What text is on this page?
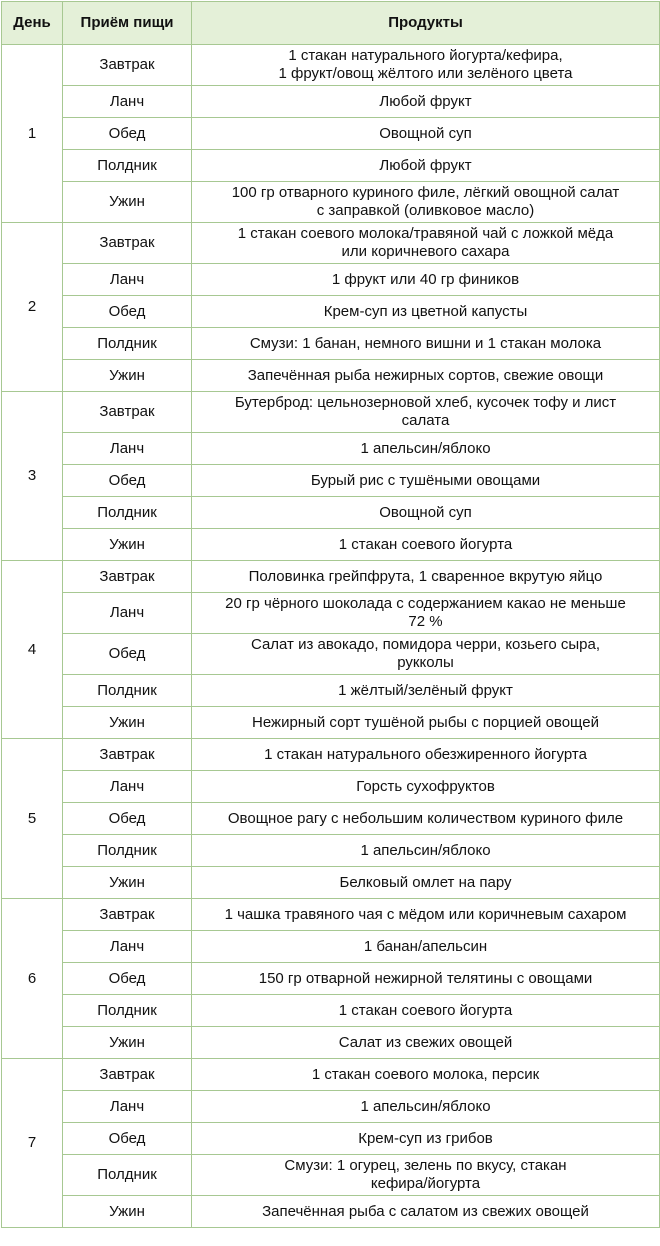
День	Приём пищи	Продукты
1	Завтрак	1 стакан натурального йогурта/кефира,
1 фрукт/овощ жёлтого или зелёного цвета

	Ланч	Любой фрукт

	Обед	Овощной суп

	Полдник	Любой фрукт

	Ужин	100 гр отварного куриного филе, лёгкий овощной салат
с заправкой (оливковое масло)

2	Завтрак	1 стакан соевого молока/травяной чай с ложкой мёда
или коричневого сахара

	Ланч	1 фрукт или 40 гр фиников

	Обед	Крем-суп из цветной капусты

	Полдник	Смузи: 1 банан, немного вишни и 1 стакан молока

	Ужин	Запечённая рыба нежирных сортов, свежие овощи

3	Завтрак	Бутерброд: цельнозерновой хлеб, кусочек тофу и лист
салата

	Ланч	1 апельсин/яблоко

	Обед	Бурый рис с тушёными овощами

	Полдник	Овощной суп

	Ужин	1 стакан соевого йогурта

4	Завтрак	Половинка грейпфрута, 1 сваренное вкрутую яйцо

	Ланч	20 гр чёрного шоколада с содержанием какао не меньше
72 %

	Обед	Салат из авокадо, помидора черри, козьего сыра,
рукколы

	Полдник	1 жёлтый/зелёный фрукт

	Ужин	Нежирный сорт тушёной рыбы с порцией овощей

5	Завтрак	1 стакан натурального обезжиренного йогурта

	Ланч	Горсть сухофруктов

	Обед	Овощное рагу с небольшим количеством куриного филе

	Полдник	1 апельсин/яблоко

	Ужин	Белковый омлет на пару

6	Завтрак	1 чашка травяного чая с мёдом или коричневым сахаром

	Ланч	1 банан/апельсин

	Обед	150 гр отварной нежирной телятины с овощами

	Полдник	1 стакан соевого йогурта

	Ужин	Салат из свежих овощей

7	Завтрак	1 стакан соевого молока, персик

	Ланч	1 апельсин/яблоко

	Обед	Крем-суп из грибов

	Полдник	Смузи: 1 огурец, зелень по вкусу, стакан
кефира/йогурта

	Ужин	Запечённая рыба с салатом из свежих овощей
